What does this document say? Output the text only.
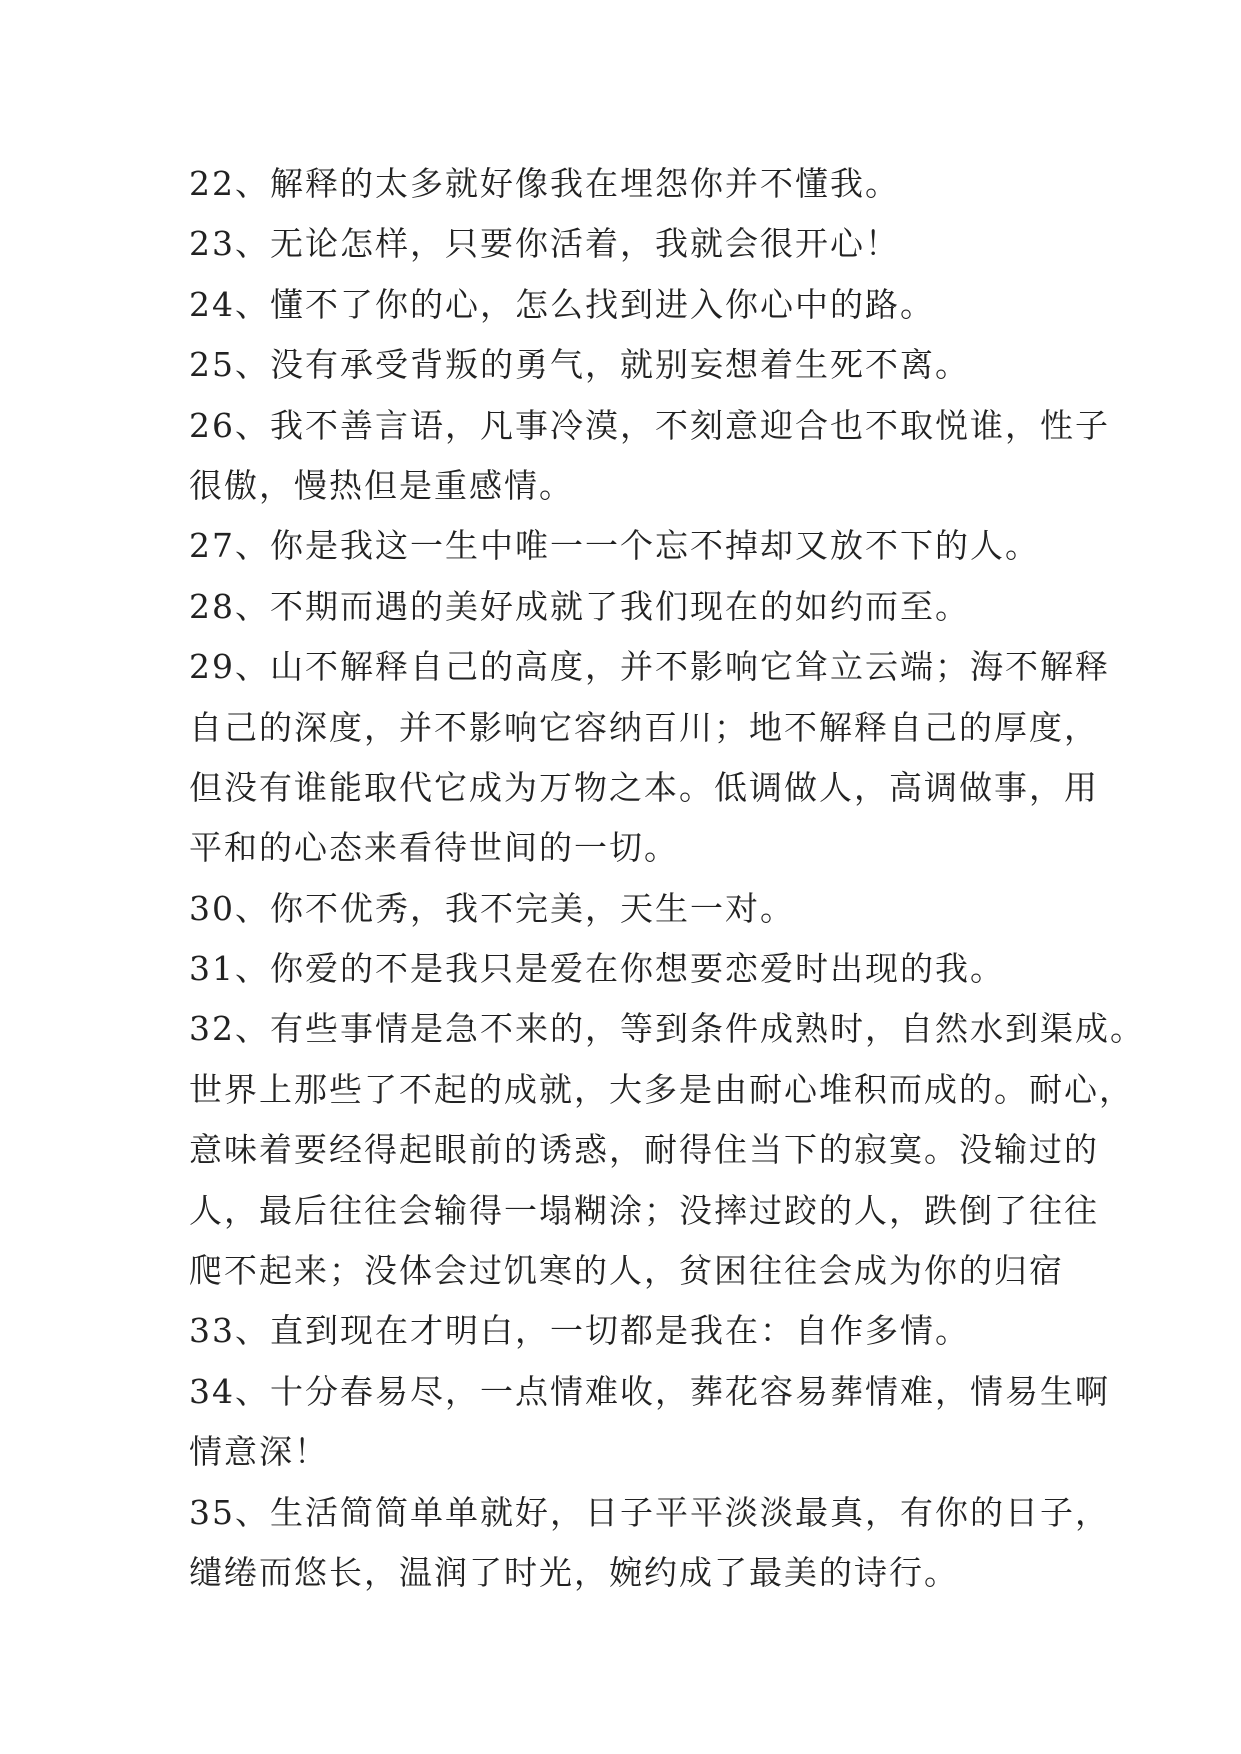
22、解释的太多就好像我在埋怨你并不懂我。
23、无论怎样，只要你活着，我就会很开心！
24、懂不了你的心，怎么找到进入你心中的路。
25、没有承受背叛的勇气，就别妄想着生死不离。
26、我不善言语，凡事冷漠，不刻意迎合也不取悦谁，性子
很傲，慢热但是重感情。
27、你是我这一生中唯一一个忘不掉却又放不下的人。
28、不期而遇的美好成就了我们现在的如约而至。
29、山不解释自己的高度，并不影响它耸立云端；海不解释
自己的深度，并不影响它容纳百川；地不解释自己的厚度，
但没有谁能取代它成为万物之本。低调做人，高调做事，用
平和的心态来看待世间的一切。
30、你不优秀，我不完美，天生一对。
31、你爱的不是我只是爱在你想要恋爱时出现的我。
32、有些事情是急不来的，等到条件成熟时，自然水到渠成。
世界上那些了不起的成就，大多是由耐心堆积而成的。耐心，
意味着要经得起眼前的诱惑，耐得住当下的寂寞。没输过的
人，最后往往会输得一塌糊涂；没摔过跤的人，跌倒了往往
爬不起来；没体会过饥寒的人，贫困往往会成为你的归宿
33、直到现在才明白，一切都是我在：自作多情。
34、十分春易尽，一点情难收，葬花容易葬情难，情易生啊
情意深！
35、生活简简单单就好，日子平平淡淡最真，有你的日子，
缱绻而悠长，温润了时光，婉约成了最美的诗行。
